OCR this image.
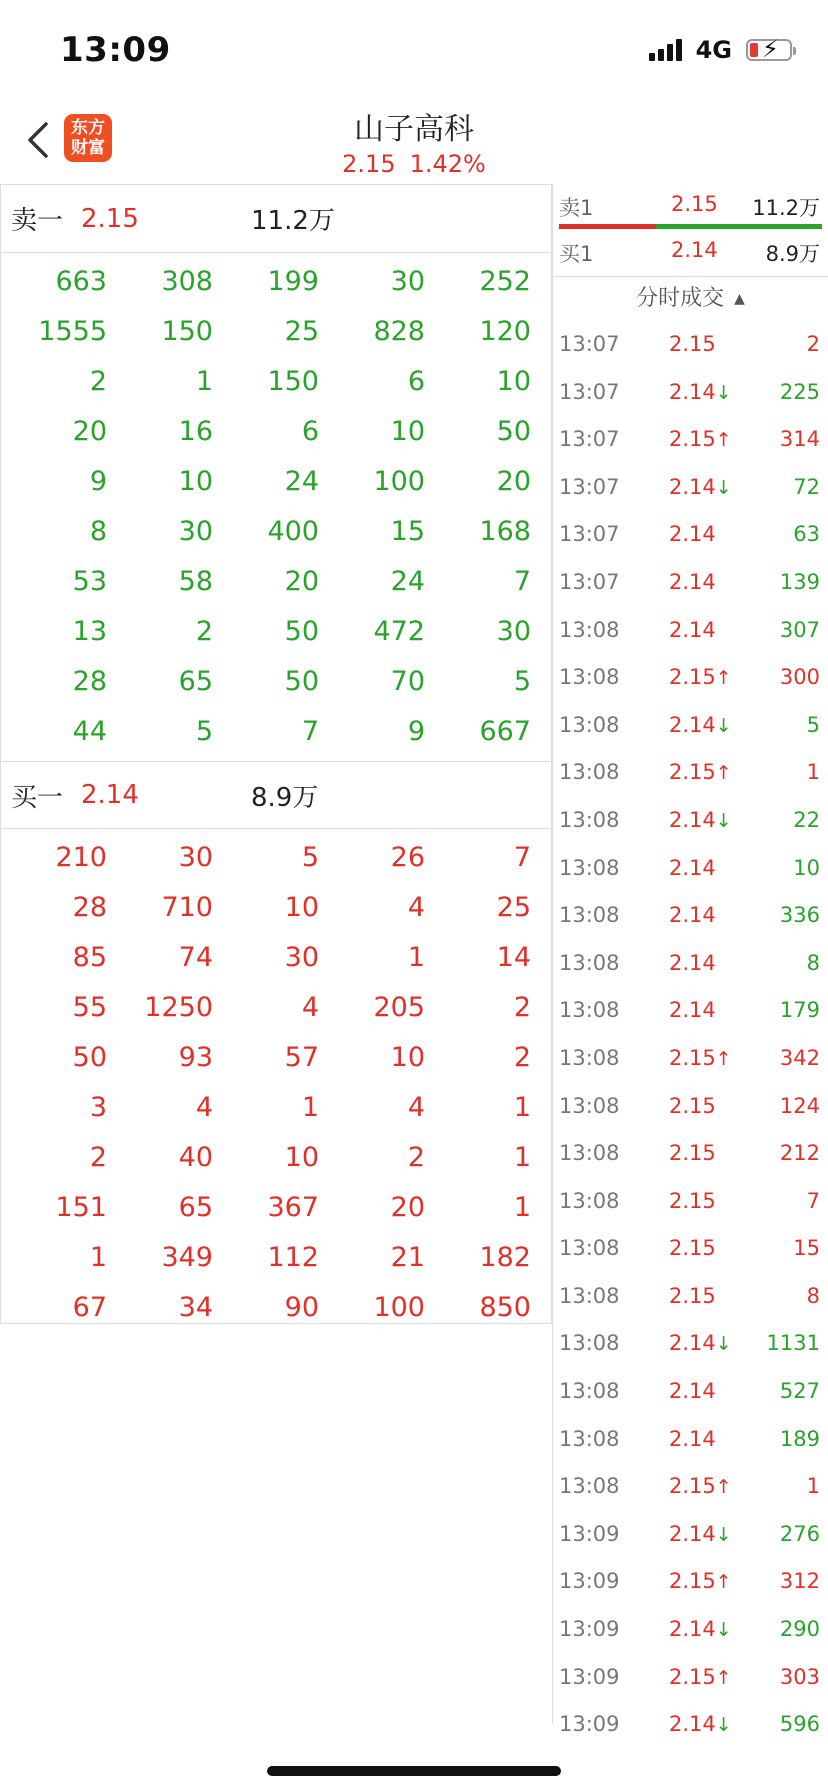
13:09	4G ⚡
东方
财富
山子高科
2.15 1.42%
卖一 2.15	11.2万
663	308	199	30	252
1555	150	25	828	120
2	1	150	6	10
20	16	6	10	50
9	10	24	100	20
8	30	400	15	168
53	58	20	24	7
13	2	50	472	30
28	65	50	70	5
44	5	7	9	667
买一 2.14	8.9万
210	30	5	26	7
28	710	10	4	25
85	74	30	1	14
55	1250	4	205	2
50	93	57	10	2
3	4	1	4	1
2	40	10	2	1
151	65	367	20	1
1	349	112	21	182
67	34	90	100	850
卖1	2.15 11.2万
买1	2.14 8.9万
分时成交 ▲
13:07 2.15	2
13:07 2.14↓ 225
13:07 2.15↑ 314
13:07 2.14↓	72
13:07 2.14	63
13:07 2.14	139
13:08 2.14	307
13:08 2.15↑ 300
13:08 2.14↓	5
13:08 2.15↑	1
13:08 2.14↓	22
13:08 2.14	10
13:08 2.14	336
13:08 2.14	8
13:08 2.14	179
13:08 2.15↑ 342
13:08 2.15	124
13:08 2.15	212
13:08 2.15	7
13:08 2.15	15
13:08 2.15	8
13:08 2.14↓ 1131
13:08 2.14	527
13:08 2.14	189
13:08 2.15↑	1
13:09 2.14↓ 276
13:09 2.15↑ 312
13:09 2.14↓ 290
13:09 2.15↑ 303
13:09 2.14↓ 596
